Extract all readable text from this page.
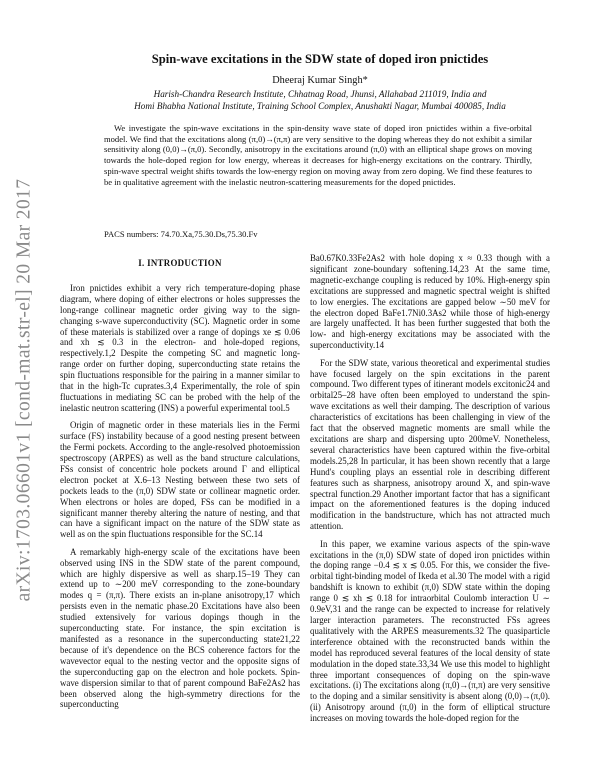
arXiv:1703.06601v1 [cond-mat.str-el] 20 Mar 2017
Spin-wave excitations in the SDW state of doped iron pnictides
Dheeraj Kumar Singh*
Harish-Chandra Research Institute, Chhatnag Road, Jhunsi, Allahabad 211019, India and
Homi Bhabha National Institute, Training School Complex, Anushakti Nagar, Mumbai 400085, India
We investigate the spin-wave excitations in the spin-density wave state of doped iron pnictides within a five-orbital model. We find that the excitations along (π,0)→(π,π) are very sensitive to the doping whereas they do not exhibit a similar sensitivity along (0,0)→(π,0). Secondly, anisotropy in the excitations around (π,0) with an elliptical shape grows on moving towards the hole-doped region for low energy, whereas it decreases for high-energy excitations on the contrary. Thirdly, spin-wave spectral weight shifts towards the low-energy region on moving away from zero doping. We find these features to be in qualitative agreement with the inelastic neutron-scattering measurements for the doped pnictides.
PACS numbers: 74.70.Xa,75.30.Ds,75.30.Fv
I. INTRODUCTION

Iron pnictides exhibit a very rich temperature-doping phase diagram, where doping of either electrons or holes suppresses the long-range collinear magnetic order giving way to the sign-changing s-wave superconductivity (SC). Magnetic order in some of these materials is stabilized over a range of dopings xe ≲ 0.06 and xh ≲ 0.3 in the electron- and hole-doped regions, respectively.1,2 Despite the competing SC and magnetic long-range order on further doping, superconducting state retains the spin fluctuations responsible for the pairing in a manner similar to that in the high-Tc cuprates.3,4 Experimentally, the role of spin fluctuations in mediating SC can be probed with the help of the inelastic neutron scattering (INS) a powerful experimental tool.5

Origin of magnetic order in these materials lies in the Fermi surface (FS) instability because of a good nesting present between the Fermi pockets. According to the angle-resolved photoemission spectroscopy (ARPES) as well as the band structure calculations, FSs consist of concentric hole pockets around Γ and elliptical electron pocket at X.6–13 Nesting between these two sets of pockets leads to the (π,0) SDW state or collinear magnetic order. When electrons or holes are doped, FSs can be modified in a significant manner thereby altering the nature of nesting, and that can have a significant impact on the nature of the SDW state as well as on the spin fluctuations responsible for the SC.14

A remarkably high-energy scale of the excitations have been observed using INS in the SDW state of the parent compound, which are highly dispersive as well as sharp.15–19 They can extend up to ∼200 meV corresponding to the zone-boundary modes q = (π,π). There exists an in-plane anisotropy,17 which persists even in the nematic phase.20 Excitations have also been studied extensively for various dopings though in the superconducting state. For instance, the spin excitation is manifested as a resonance in the superconducting state21,22 because of it's dependence on the BCS coherence factors for the wavevector equal to the nesting vector and the opposite signs of the superconducting gap on the electron and hole pockets. Spin-wave dispersion similar to that of parent compound BaFe2As2 has been observed along the high-symmetry directions for the superconducting

Ba0.67K0.33Fe2As2 with hole doping x ≈ 0.33 though with a significant zone-boundary softening.14,23 At the same time, magnetic-exchange coupling is reduced by 10%. High-energy spin excitations are suppressed and magnetic spectral weight is shifted to low energies. The excitations are gapped below ∼50 meV for the electron doped BaFe1.7Ni0.3As2 while those of high-energy are largely unaffected. It has been further suggested that both the low- and high-energy excitations may be associated with the superconductivity.14

For the SDW state, various theoretical and experimental studies have focused largely on the spin excitations in the parent compound. Two different types of itinerant models excitonic24 and orbital25–28 have often been employed to understand the spin-wave excitations as well their damping. The description of various characteristics of excitations has been challenging in view of the fact that the observed magnetic moments are small while the excitations are sharp and dispersing upto 200meV. Nonetheless, several characteristics have been captured within the five-orbital models.25,28 In particular, it has been shown recently that a large Hund's coupling plays an essential role in describing different features such as sharpness, anisotropy around X, and spin-wave spectral function.29 Another important factor that has a significant impact on the aforementioned features is the doping induced modification in the bandstructure, which has not attracted much attention.

In this paper, we examine various aspects of the spin-wave excitations in the (π,0) SDW state of doped iron pnictides within the doping range −0.4 ≲ x ≲ 0.05. For this, we consider the five-orbital tight-binding model of Ikeda et al.30 The model with a rigid bandshift is known to exhibit (π,0) SDW state within the doping range 0 ≲ xh ≲ 0.18 for intraorbital Coulomb interaction U ∼ 0.9eV,31 and the range can be expected to increase for relatively larger interaction parameters. The reconstructed FSs agrees qualitatively with the ARPES measurements.32 The quasiparticle interference obtained with the reconstructed bands within the model has reproduced several features of the local density of state modulation in the doped state.33,34 We use this model to highlight three important consequences of doping on the spin-wave excitations. (i) The excitations along (π,0)→(π,π) are very sensitive to the doping and a similar sensitivity is absent along (0,0)→(π,0). (ii) Anisotropy around (π,0) in the form of elliptical structure increases on moving towards the hole-doped region for the
